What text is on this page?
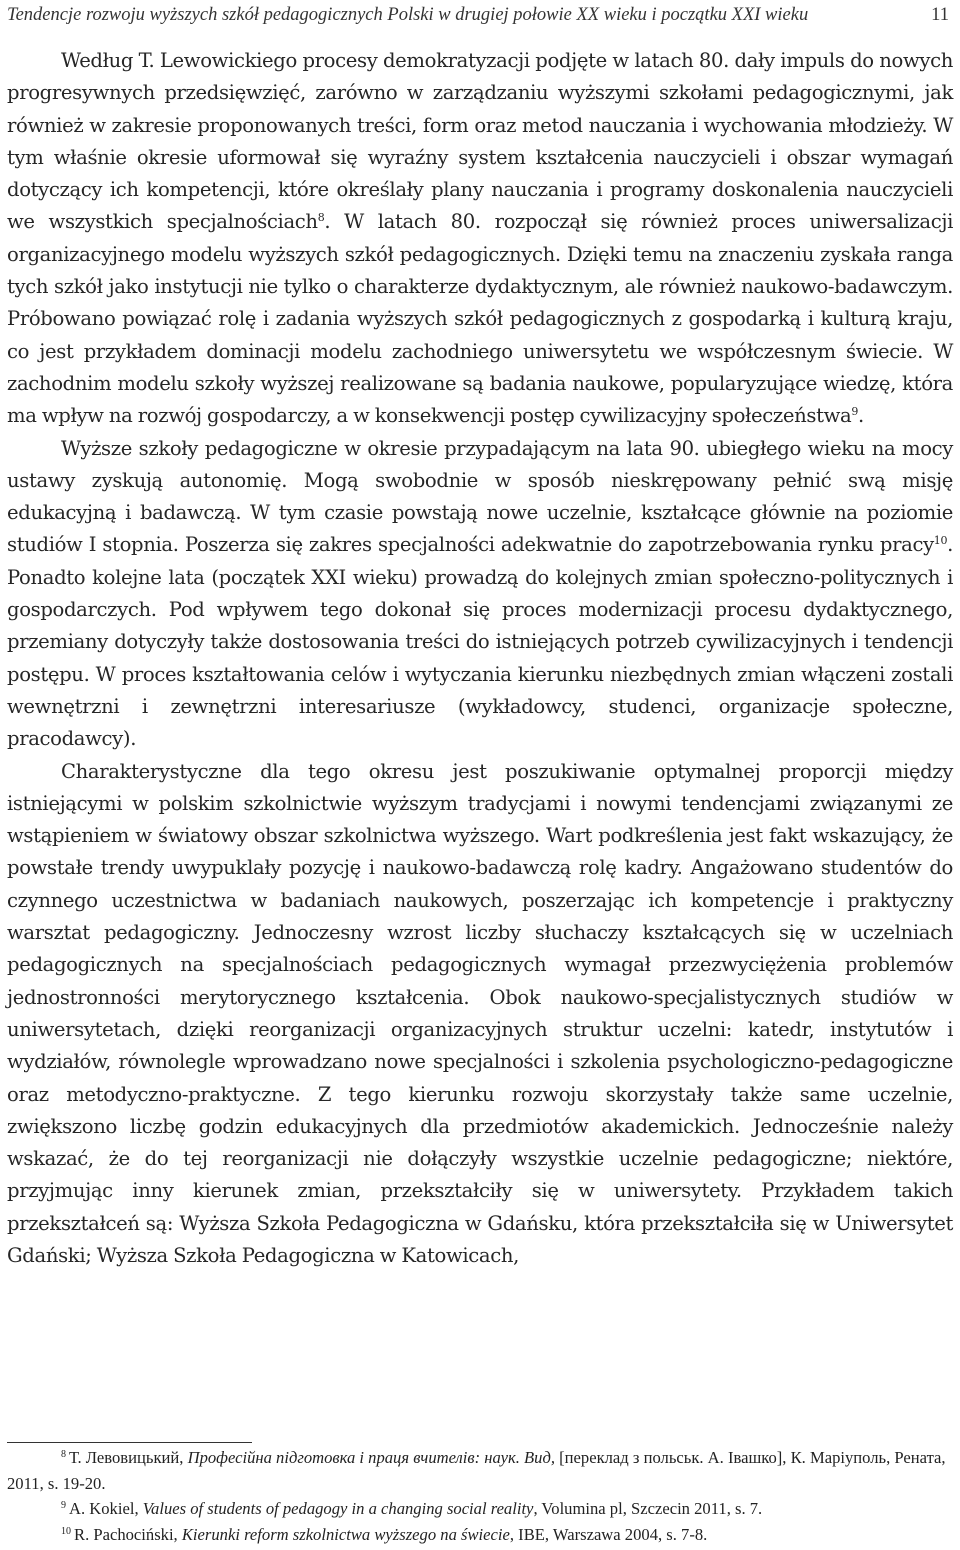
Tendencje rozwoju wyższych szkół pedagogicznych Polski w drugiej połowie XX wieku i początku XXI wieku	11

Według T. Lewowickiego procesy demokratyzacji podjęte w latach 80. dały impuls do nowych progresywnych przedsięwzięć, zarówno w zarządzaniu wyższymi szkołami pedagogicznymi, jak również w zakresie proponowanych treści, form oraz metod nauczania i wychowania młodzieży. W tym właśnie okresie uformował się wyraźny system kształcenia nauczycieli i obszar wymagań dotyczący ich kompetencji, które określały plany nauczania i programy doskonalenia nauczycieli we wszystkich specjalnościach$^8$. W latach 80. rozpoczął się również proces uniwersalizacji organizacyjnego modelu wyższych szkół pedagogicznych. Dzięki temu na znaczeniu zyskała ranga tych szkół jako instytucji nie tylko o charakterze dydaktycznym, ale również naukowo-badawczym. Próbowano powiązać rolę i zadania wyższych szkół pedagogicznych z gospodarką i kulturą kraju, co jest przykładem dominacji modelu zachodniego uniwersytetu we współczesnym świecie. W zachodnim modelu szkoły wyższej realizowane są badania naukowe, popularyzujące wiedzę, która ma wpływ na rozwój gospodarczy, a w konsekwencji postęp cywilizacyjny społeczeństwa$^9$.

Wyższe szkoły pedagogiczne w okresie przypadającym na lata 90. ubiegłego wieku na mocy ustawy zyskują autonomię. Mogą swobodnie w sposób nieskrępowany pełnić swą misję edukacyjną i badawczą. W tym czasie powstają nowe uczelnie, kształcące głównie na poziomie studiów I stopnia. Poszerza się zakres specjalności adekwatnie do zapotrzebowania rynku pracy$^{10}$. Ponadto kolejne lata (początek XXI wieku) prowadzą do kolejnych zmian społeczno-politycznych i gospodarczych. Pod wpływem tego dokonał się proces modernizacji procesu dydaktycznego, przemiany dotyczyły także dostosowania treści do istniejących potrzeb cywilizacyjnych i tendencji postępu. W proces kształtowania celów i wytyczania kierunku niezbędnych zmian włączeni zostali wewnętrzni i zewnętrzni interesariusze (wykładowcy, studenci, organizacje społeczne, pracodawcy).

Charakterystyczne dla tego okresu jest poszukiwanie optymalnej proporcji między istniejącymi w polskim szkolnictwie wyższym tradycjami i nowymi tendencjami związanymi ze wstąpieniem w światowy obszar szkolnictwa wyższego. Wart podkreślenia jest fakt wskazujący, że powstałe trendy uwypuklały pozycję i naukowo-badawczą rolę kadry. Angażowano studentów do czynnego uczestnictwa w badaniach naukowych, poszerzając ich kompetencje i praktyczny warsztat pedagogiczny. Jednoczesny wzrost liczby słuchaczy kształcących się w uczelniach pedagogicznych na specjalnościach pedagogicznych wymagał przezwyciężenia problemów jednostronności merytorycznego kształcenia. Obok naukowo-specjalistycznych studiów w uniwersytetach, dzięki reorganizacji organizacyjnych struktur uczelni: katedr, instytutów i wydziałów, równolegle wprowadzano nowe specjalności i szkolenia psychologiczno-pedagogiczne oraz metodyczno-praktyczne. Z tego kierunku rozwoju skorzystały także same uczelnie, zwiększono liczbę godzin edukacyjnych dla przedmiotów akademickich. Jednocześnie należy wskazać, że do tej reorganizacji nie dołączyły wszystkie uczelnie pedagogiczne; niektóre, przyjmując inny kierunek zmian, przekształciły się w uniwersytety. Przykładem takich przekształceń są: Wyższa Szkoła Pedagogiczna w Gdańsku, która przekształciła się w Uniwersytet Gdański; Wyższa Szkoła Pedagogiczna w Katowicach,

$^8$ Т. Левовицький, Професійна підготовка і праця вчителів: наук. Вид, [переклад з польськ. А. Івашко], К. Маріуполь, Рената, 2011, s. 19-20.

$^9$ A. Kokiel, Values of students of pedagogy in a changing social reality, Volumina pl, Szczecin 2011, s. 7.

$^{10}$ R. Pachociński, Kierunki reform szkolnictwa wyższego na świecie, IBE, Warszawa 2004, s. 7-8.
